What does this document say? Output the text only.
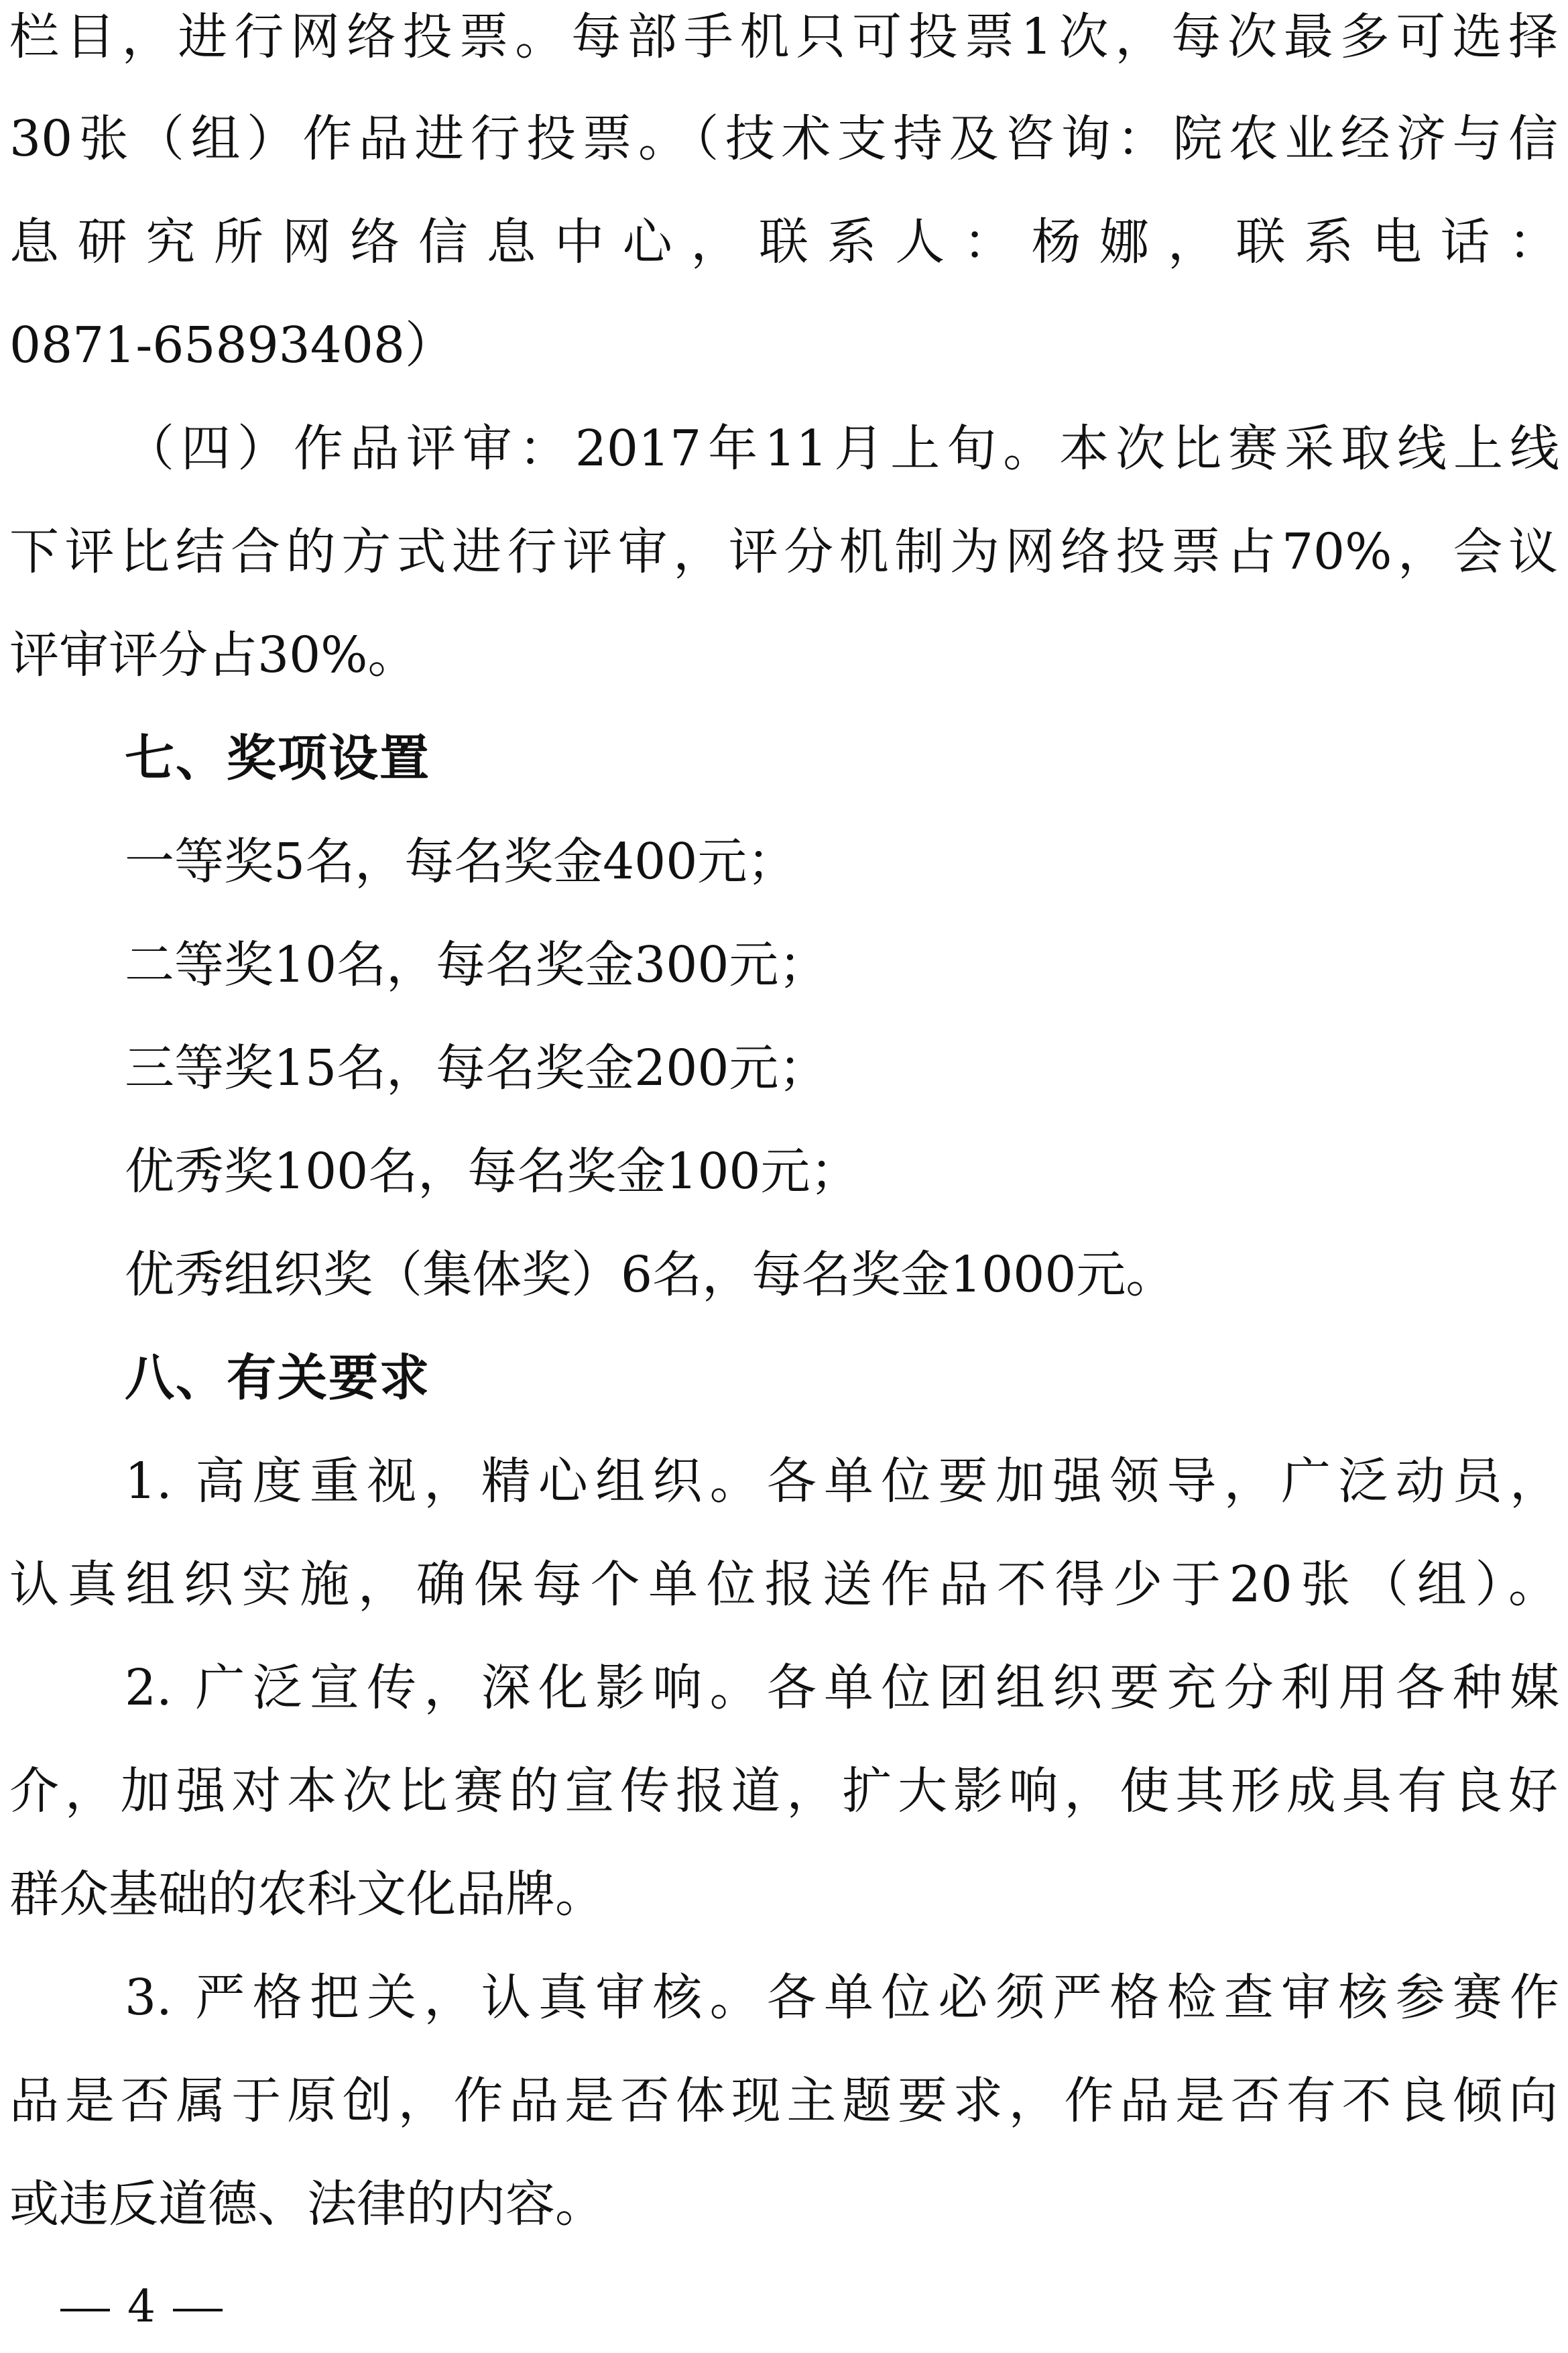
栏目，进行网络投票。每部手机只可投票1次，每次最多可选择
30张（组）作品进行投票。（技术支持及咨询：院农业经济与信
息研究所网络信息中心，联系人：杨娜，联系电话：
0871-65893408）
（四）作品评审：2017年11月上旬。本次比赛采取线上线
下评比结合的方式进行评审，评分机制为网络投票占70%，会议
评审评分占30%。
七、奖项设置
一等奖5名，每名奖金400元；
二等奖10名，每名奖金300元；
三等奖15名，每名奖金200元；
优秀奖100名，每名奖金100元；
优秀组织奖（集体奖）6名，每名奖金1000元。
八、有关要求
1. 高度重视，精心组织。各单位要加强领导，广泛动员，
认真组织实施，确保每个单位报送作品不得少于20张（组）。
2. 广泛宣传，深化影响。各单位团组织要充分利用各种媒
介，加强对本次比赛的宣传报道，扩大影响，使其形成具有良好
群众基础的农科文化品牌。
3. 严格把关，认真审核。各单位必须严格检查审核参赛作
品是否属于原创，作品是否体现主题要求，作品是否有不良倾向
或违反道德、法律的内容。
4
